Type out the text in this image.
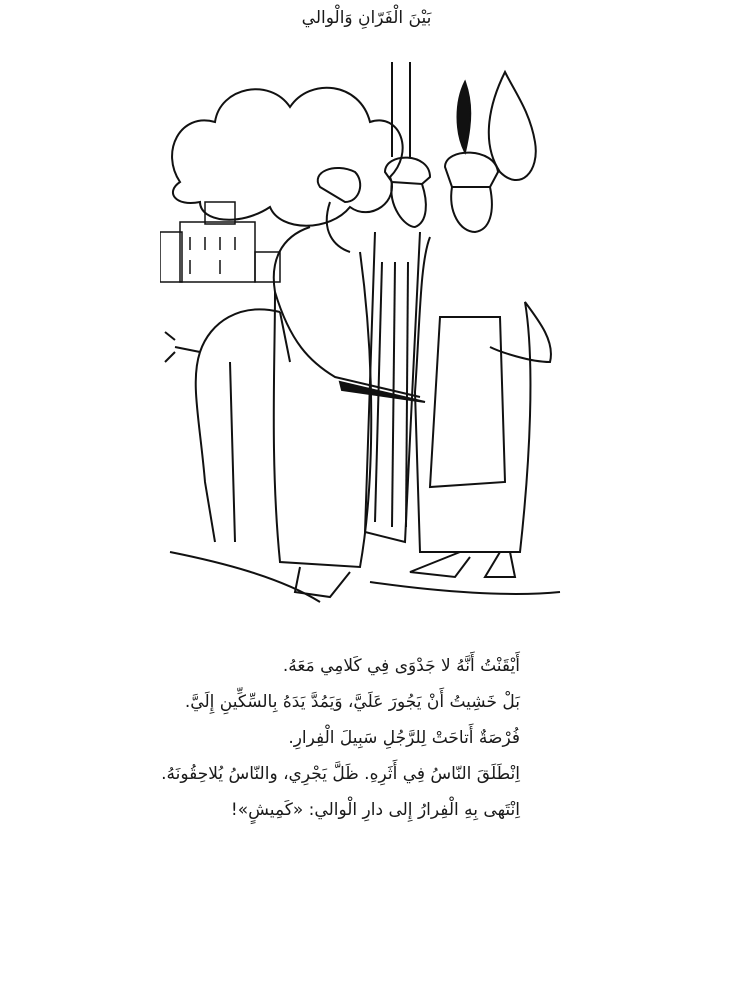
بَيْنَ الْفَرّانِ وَالْوالي
أَيْقَنْتُ أَنَّهُ لا جَدْوَى فِي كَلامِي مَعَهُ.
بَلْ خَشِيتُ أَنْ يَجُورَ عَلَيَّ، وَيَمُدَّ يَدَهُ بِالسِّكِّينِ إِلَيَّ.
فُرْصَةٌ أَتاحَتْ لِلرَّجُلِ سَبِيلَ الْفِرارِ.
اِنْطَلَقَ النّاسُ فِي أَثَرِهِ. ظَلَّ يَجْرِي، والنّاسُ يُلاحِقُونَهُ.
اِنْتَهى بِهِ الْفِرارُ إِلى دارِ الْوالي: «كَمِيشٍ»!
